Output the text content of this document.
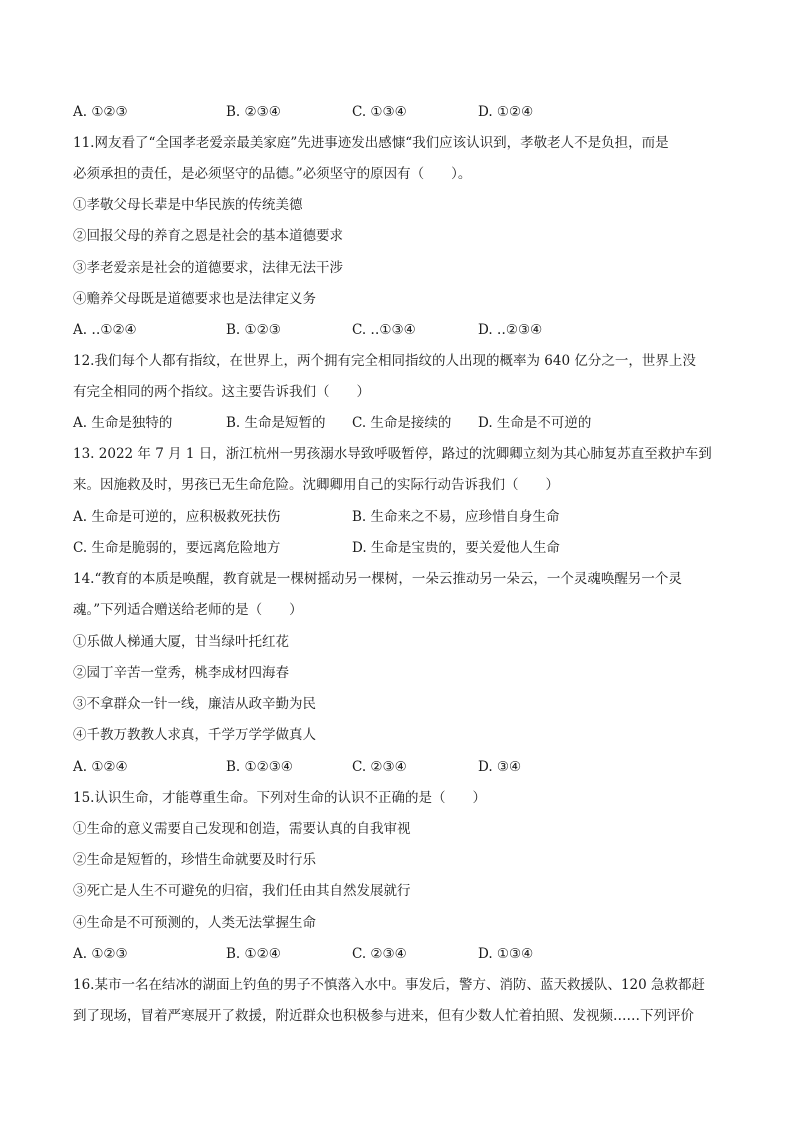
A. ①②③	B. ②③④	C. ①③④	D. ①②④
11.网友看了“全国孝老爱亲最美家庭”先进事迹发出感慷“我们应该认识到，孝敬老人不是负担，而是
必须承担的责任，是必须坚守的品德。”必须坚守的原因有（　　）。
①孝敬父母长辈是中华民族的传统美德
②回报父母的养育之恩是社会的基本道德要求
③孝老爱亲是社会的道德要求，法律无法干涉
④赡养父母既是道德要求也是法律定义务
A. ‥①②④	B. ①②③	C. ‥①③④	D. ‥②③④
12.我们每个人都有指纹，在世界上，两个拥有完全相同指纹的人出现的概率为 640 亿分之一，世界上没
有完全相同的两个指纹。这主要告诉我们（　　）
A. 生命是独特的	B. 生命是短暂的 C. 生命是接续的 D. 生命是不可逆的
13. 2022 年 7 月 1 日，浙江杭州一男孩溺水导致呼吸暂停，路过的沈卿卿立刻为其心肺复苏直至救护车到
来。因施救及时，男孩已无生命危险。沈卿卿用自己的实际行动告诉我们（　　）
A. 生命是可逆的，应积极救死扶伤	B. 生命来之不易，应珍惜自身生命
C. 生命是脆弱的，要远离危险地方	D. 生命是宝贵的，要关爱他人生命
14.“教育的本质是唤醒，教育就是一棵树摇动另一棵树，一朵云推动另一朵云，一个灵魂唤醒另一个灵
魂。”下列适合赠送给老师的是（　　）
①乐做人梯通大厦，甘当绿叶托红花
②园丁辛苦一堂秀，桃李成材四海春
③不拿群众一针一线，廉洁从政辛勤为民
④千教万教教人求真，千学万学学做真人
A. ①②④	B. ①②③④	C. ②③④	D. ③④
15.认识生命，才能尊重生命。下列对生命的认识不正确的是（　　）
①生命的意义需要自己发现和创造，需要认真的自我审视
②生命是短暂的，珍惜生命就要及时行乐
③死亡是人生不可避免的归宿，我们任由其自然发展就行
④生命是不可预测的，人类无法掌握生命
A. ①②③	B. ①②④	C. ②③④	D. ①③④
16.某市一名在结冰的湖面上钓鱼的男子不慎落入水中。事发后，警方、消防、蓝天救援队、120 急救都赶
到了现场，冒着严寒展开了救援，附近群众也积极参与进来，但有少数人忙着拍照、发视频……下列评价
